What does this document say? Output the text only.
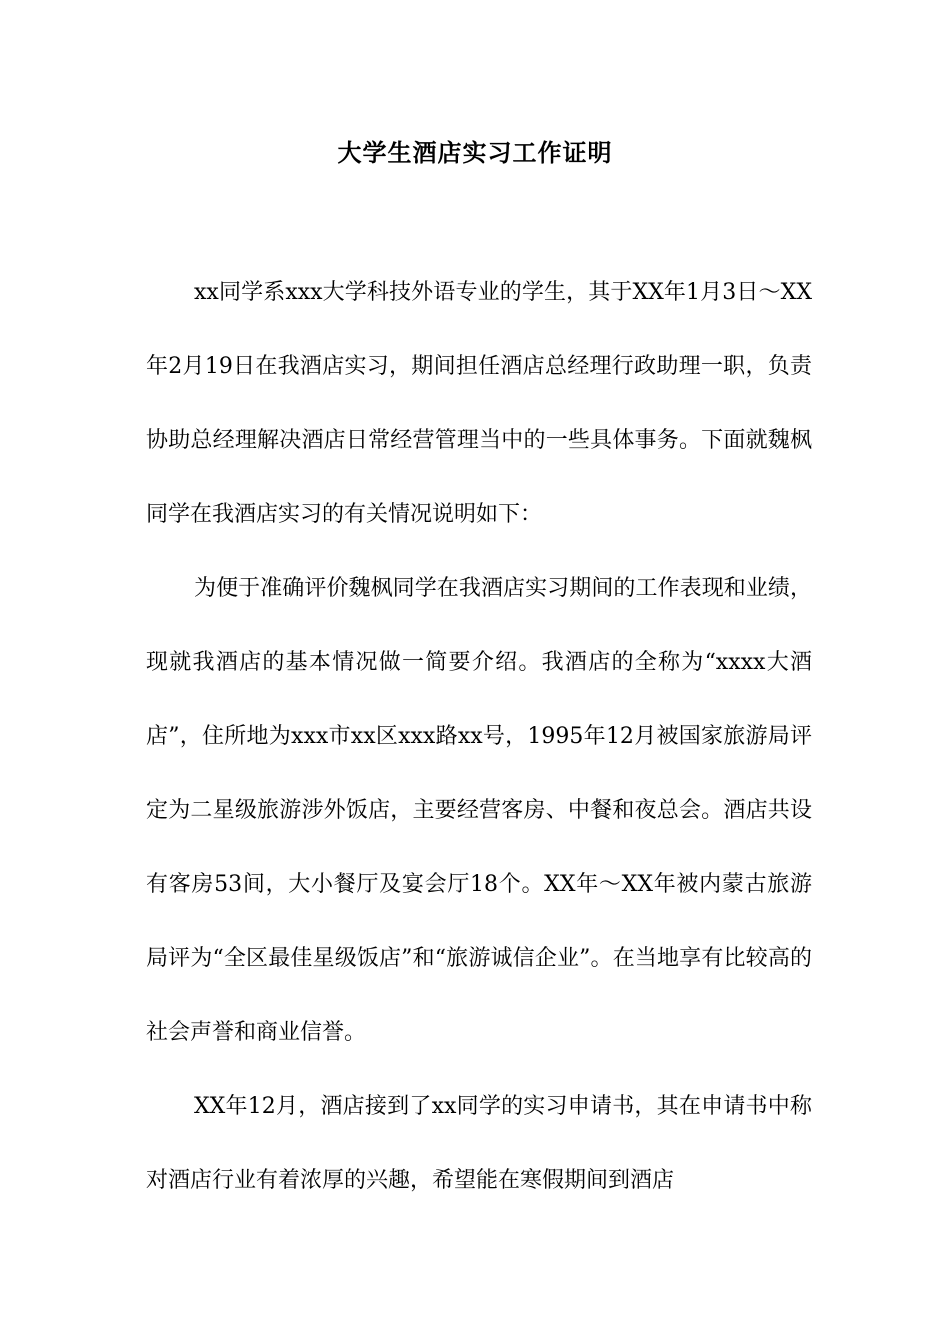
大学生酒店实习工作证明

xx同学系xxx大学科技外语专业的学生，其于XX年1月3日～XX年2月19日在我酒店实习，期间担任酒店总经理行政助理一职，负责协助总经理解决酒店日常经营管理当中的一些具体事务。下面就魏枫同学在我酒店实习的有关情况说明如下：

为便于准确评价魏枫同学在我酒店实习期间的工作表现和业绩，现就我酒店的基本情况做一简要介绍。我酒店的全称为“xxxx大酒店”，住所地为xxx市xx区xxx路xx号，1995年12月被国家旅游局评定为二星级旅游涉外饭店，主要经营客房、中餐和夜总会。酒店共设有客房53间，大小餐厅及宴会厅18个。XX年～XX年被内蒙古旅游局评为“全区最佳星级饭店”和“旅游诚信企业”。在当地享有比较高的社会声誉和商业信誉。

XX年12月，酒店接到了xx同学的实习申请书，其在申请书中称对酒店行业有着浓厚的兴趣，希望能在寒假期间到酒店
